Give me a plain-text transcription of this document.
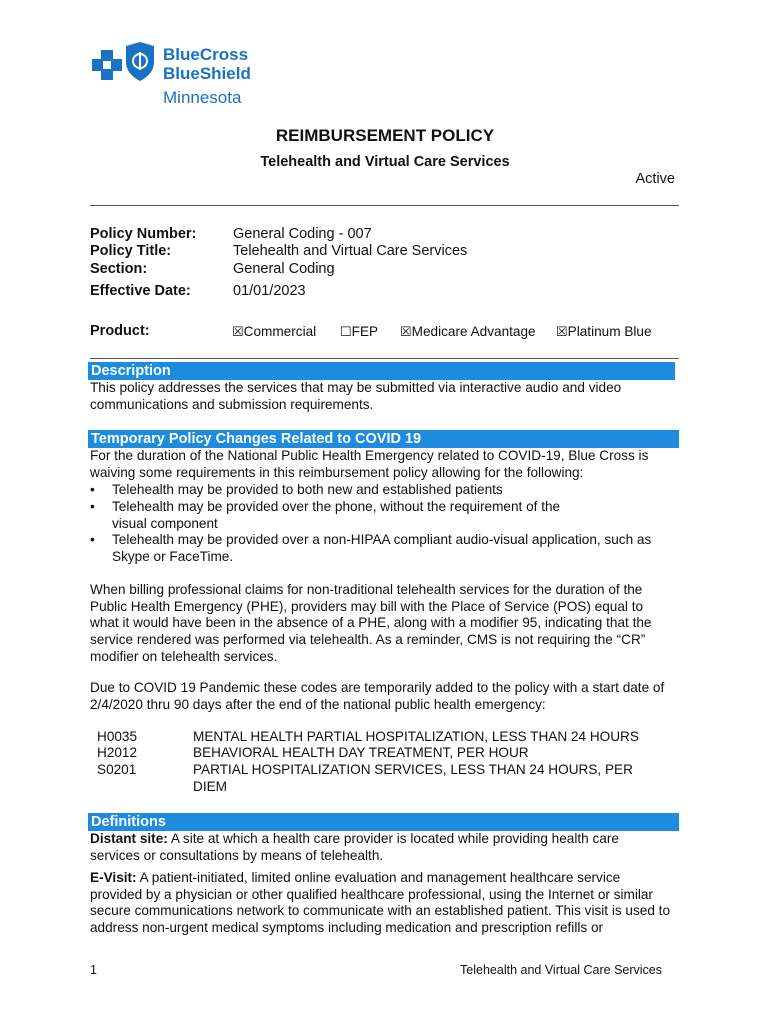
BlueCross
BlueShield
Minnesota
REIMBURSEMENT POLICY
Telehealth and Virtual Care Services
Active
Policy Number:	General Coding - 007
Policy Title:	Telehealth and Virtual Care Services
Section:	General Coding
Effective Date:	01/01/2023
Product:	☒Commercial ☐FEP ☒Medicare Advantage ☒Platinum Blue
Description
This policy addresses the services that may be submitted via interactive audio and video communications and submission requirements.
Temporary Policy Changes Related to COVID 19
For the duration of the National Public Health Emergency related to COVID-19, Blue Cross is waiving some requirements in this reimbursement policy allowing for the following:
•	Telehealth may be provided to both new and established patients
•	Telehealth may be provided over the phone, without the requirement of the visual component
•	Telehealth may be provided over a non-HIPAA compliant audio-visual application, such as Skype or FaceTime.
When billing professional claims for non-traditional telehealth services for the duration of the Public Health Emergency (PHE), providers may bill with the Place of Service (POS) equal to what it would have been in the absence of a PHE, along with a modifier 95, indicating that the service rendered was performed via telehealth. As a reminder, CMS is not requiring the “CR” modifier on telehealth services.
Due to COVID 19 Pandemic these codes are temporarily added to the policy with a start date of 2/4/2020 thru 90 days after the end of the national public health emergency:
H0035	MENTAL HEALTH PARTIAL HOSPITALIZATION, LESS THAN 24 HOURS
H2012	BEHAVIORAL HEALTH DAY TREATMENT, PER HOUR
S0201	PARTIAL HOSPITALIZATION SERVICES, LESS THAN 24 HOURS, PER DIEM
Definitions
Distant site: A site at which a health care provider is located while providing health care services or consultations by means of telehealth.
E-Visit: A patient-initiated, limited online evaluation and management healthcare service provided by a physician or other qualified healthcare professional, using the Internet or similar secure communications network to communicate with an established patient. This visit is used to address non-urgent medical symptoms including medication and prescription refills or
1	Telehealth and Virtual Care Services
